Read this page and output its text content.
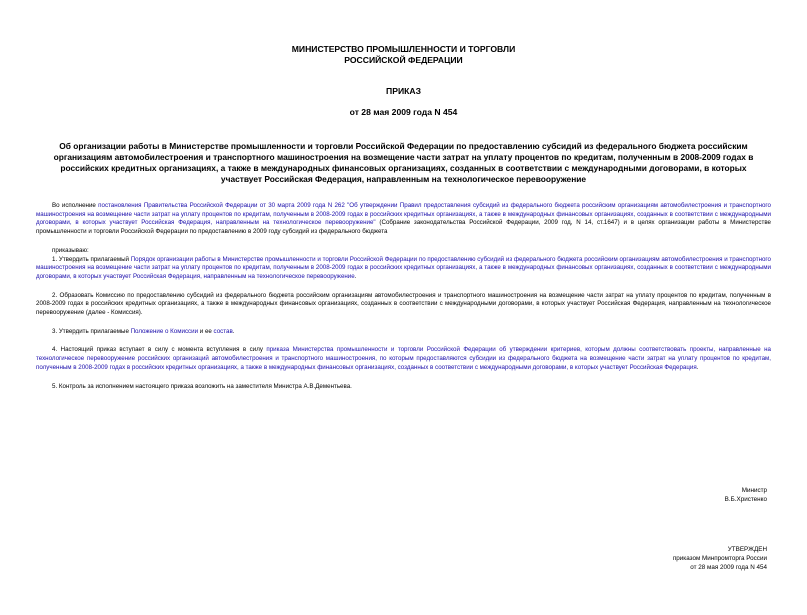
МИНИСТЕРСТВО ПРОМЫШЛЕННОСТИ И ТОРГОВЛИ
РОССИЙСКОЙ ФЕДЕРАЦИИ
ПРИКАЗ
от 28 мая 2009 года N 454
Об организации работы в Министерстве промышленности и торговли Российской Федерации по предоставлению субсидий из федерального бюджета российским организациям автомобилестроения и транспортного машиностроения на возмещение части затрат на уплату процентов по кредитам, полученным в 2008-2009 годах в российских кредитных организациях, а также в международных финансовых организациях, созданных в соответствии с международными договорами, в которых участвует Российская Федерация, направленным на технологическое перевооружение

Во исполнение постановления Правительства Российской Федерации от 30 марта 2009 года N 262 "Об утверждении Правил предоставления субсидий из федерального бюджета российским организациям автомобилестроения и транспортного машиностроения на возмещение части затрат на уплату процентов по кредитам, полученным в 2008-2009 годах в российских кредитных организациях, а также в международных финансовых организациях, созданных в соответствии с международными договорами, в которых участвует Российская Федерация, направленным на технологическое перевооружение" (Собрание законодательства Российской Федерации, 2009 год, N 14, ст.1647) и в целях организации работы в Министерстве промышленности и торговли Российской Федерации по предоставлению в 2009 году субсидий из федерального бюджета

приказываю:

1. Утвердить прилагаемый Порядок организации работы в Министерстве промышленности и торговли Российской Федерации по предоставлению субсидий из федерального бюджета российским организациям автомобилестроения и транспортного машиностроения на возмещение части затрат на уплату процентов по кредитам, полученным в 2008-2009 годах в российских кредитных организациях, а также в международных финансовых организациях, созданных в соответствии с международными договорами, в которых участвует Российская Федерация, направленным на технологическое перевооружение.

2. Образовать Комиссию по предоставлению субсидий из федерального бюджета российским организациям автомобилестроения и транспортного машиностроения на возмещение части затрат на уплату процентов по кредитам, полученным в 2008-2009 годах в российских кредитных организациях, а также в международных финансовых организациях, созданных в соответствии с международными договорами, в которых участвует Российская Федерация, направленным на технологическое перевооружение (далее - Комиссия).

3. Утвердить прилагаемые Положение о Комиссии и ее состав.

4. Настоящий приказ вступает в силу с момента вступления в силу приказа Министерства промышленности и торговли Российской Федерации об утверждении критериев, которым должны соответствовать проекты, направленные на технологическое перевооружение российских организаций автомобилестроения и транспортного машиностроения, по которым предоставляются субсидии из федерального бюджета на возмещение части затрат на уплату процентов по кредитам, полученным в 2008-2009 годах в российских кредитных организациях, а также в международных финансовых организациях, созданных в соответствии с международными договорами, в которых участвует Российская Федерация.

5. Контроль за исполнением настоящего приказа возложить на заместителя Министра А.В.Дементьева.

Министр
В.Б.Христенко
УТВЕРЖДЕН
приказом Минпромторга России
от 28 мая 2009 года N 454
